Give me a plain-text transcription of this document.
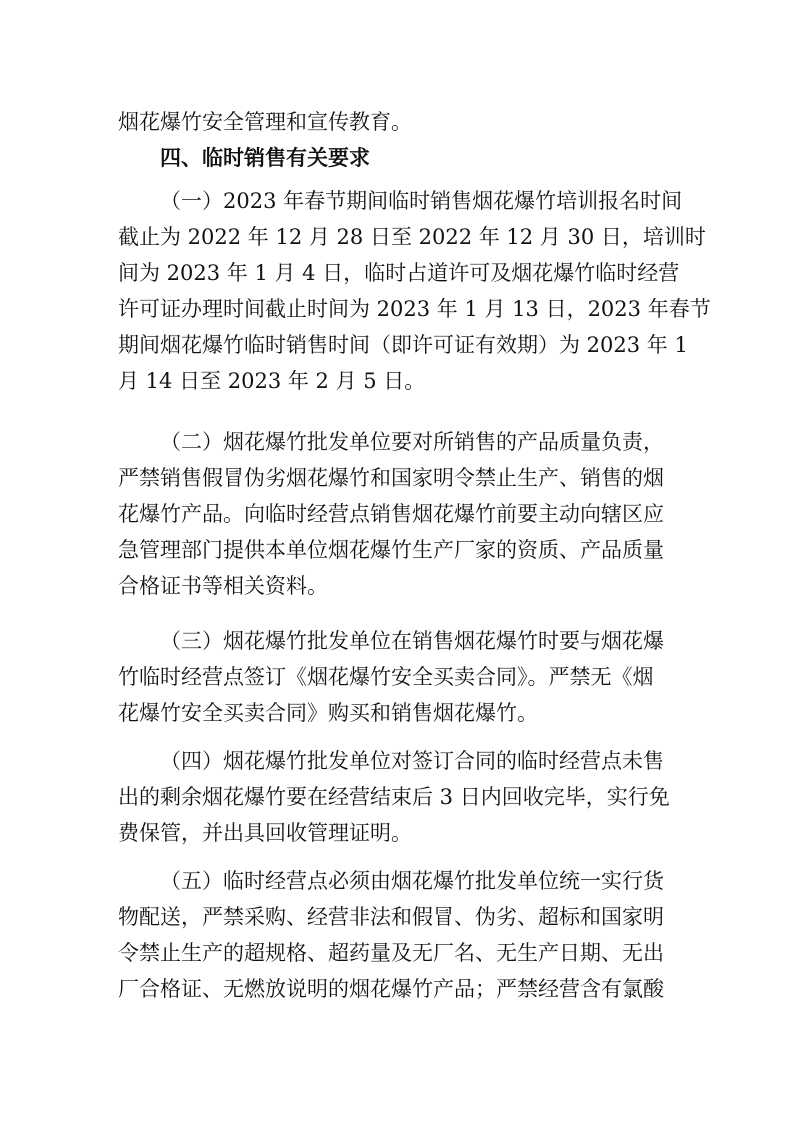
烟花爆竹安全管理和宣传教育。
四、临时销售有关要求
（一）2023 年春节期间临时销售烟花爆竹培训报名时间
截止为 2022 年 12 月 28 日至 2022 年 12 月 30 日，培训时
间为 2023 年 1 月 4 日，临时占道许可及烟花爆竹临时经营
许可证办理时间截止时间为 2023 年 1 月 13 日，2023 年春节
期间烟花爆竹临时销售时间（即许可证有效期）为 2023 年 1
月 14 日至 2023 年 2 月 5 日。
（二）烟花爆竹批发单位要对所销售的产品质量负责，
严禁销售假冒伪劣烟花爆竹和国家明令禁止生产、销售的烟
花爆竹产品。向临时经营点销售烟花爆竹前要主动向辖区应
急管理部门提供本单位烟花爆竹生产厂家的资质、产品质量
合格证书等相关资料。
（三）烟花爆竹批发单位在销售烟花爆竹时要与烟花爆
竹临时经营点签订《烟花爆竹安全买卖合同》。严禁无《烟
花爆竹安全买卖合同》购买和销售烟花爆竹。
（四）烟花爆竹批发单位对签订合同的临时经营点未售
出的剩余烟花爆竹要在经营结束后 3 日内回收完毕，实行免
费保管，并出具回收管理证明。
（五）临时经营点必须由烟花爆竹批发单位统一实行货
物配送，严禁采购、经营非法和假冒、伪劣、超标和国家明
令禁止生产的超规格、超药量及无厂名、无生产日期、无出
厂合格证、无燃放说明的烟花爆竹产品；严禁经营含有氯酸
